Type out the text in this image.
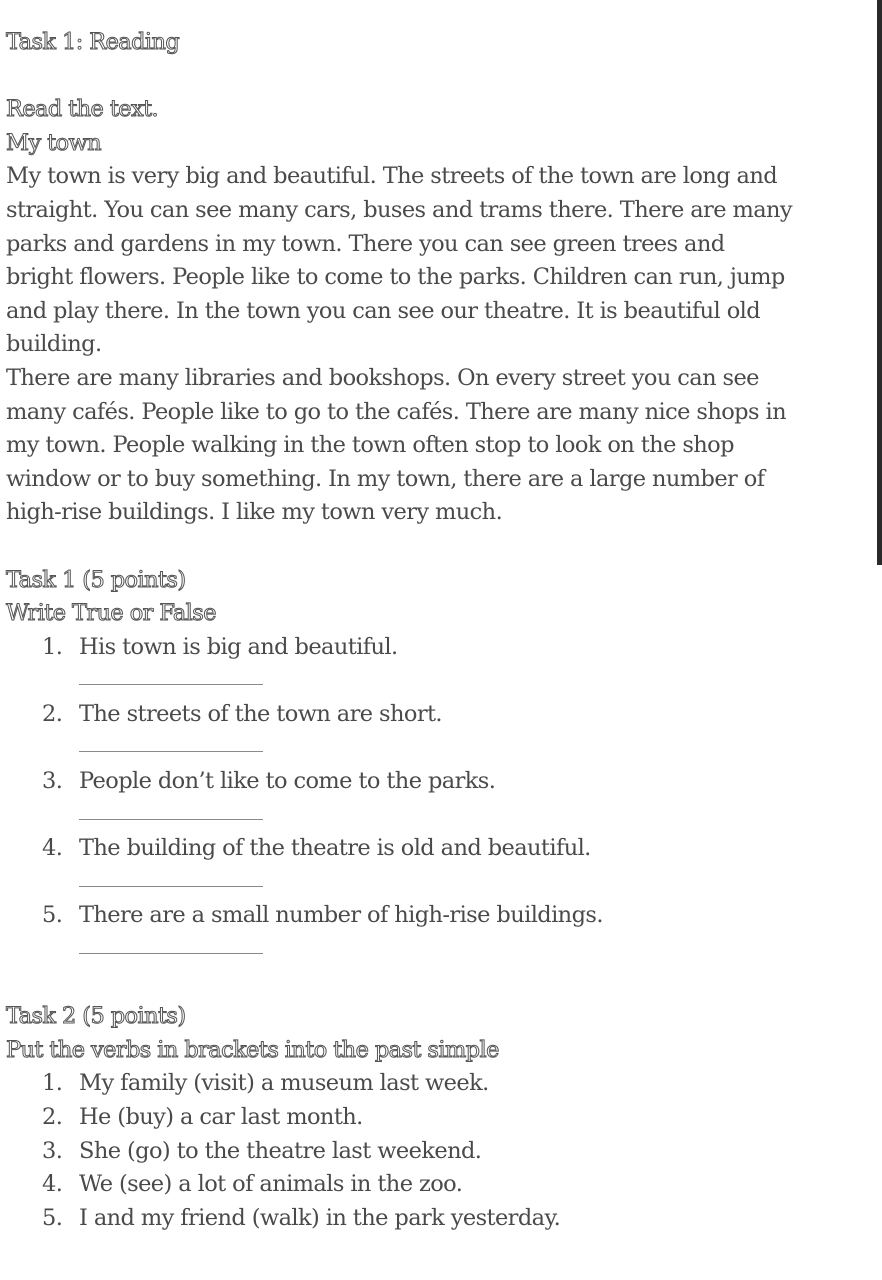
Task 1: Reading
Read the text.
My town
My town is very big and beautiful. The streets of the town are long and
straight. You can see many cars, buses and trams there. There are many
parks and gardens in my town. There you can see green trees and
bright flowers. People like to come to the parks. Children can run, jump
and play there. In the town you can see our theatre. It is beautiful old
building.
There are many libraries and bookshops. On every street you can see
many cafés. People like to go to the cafés. There are many nice shops in
my town. People walking in the town often stop to look on the shop
window or to buy something. In my town, there are a large number of
high-rise buildings. I like my town very much.
Task 1 (5 points)
Write True or False
1. His town is big and beautiful.
2. The streets of the town are short.
3. People don’t like to come to the parks.
4. The building of the theatre is old and beautiful.
5. There are a small number of high-rise buildings.
Task 2 (5 points)
Put the verbs in brackets into the past simple
1. My family (visit) a museum last week.
2. He (buy) a car last month.
3. She (go) to the theatre last weekend.
4. We (see) a lot of animals in the zoo.
5. I and my friend (walk) in the park yesterday.
